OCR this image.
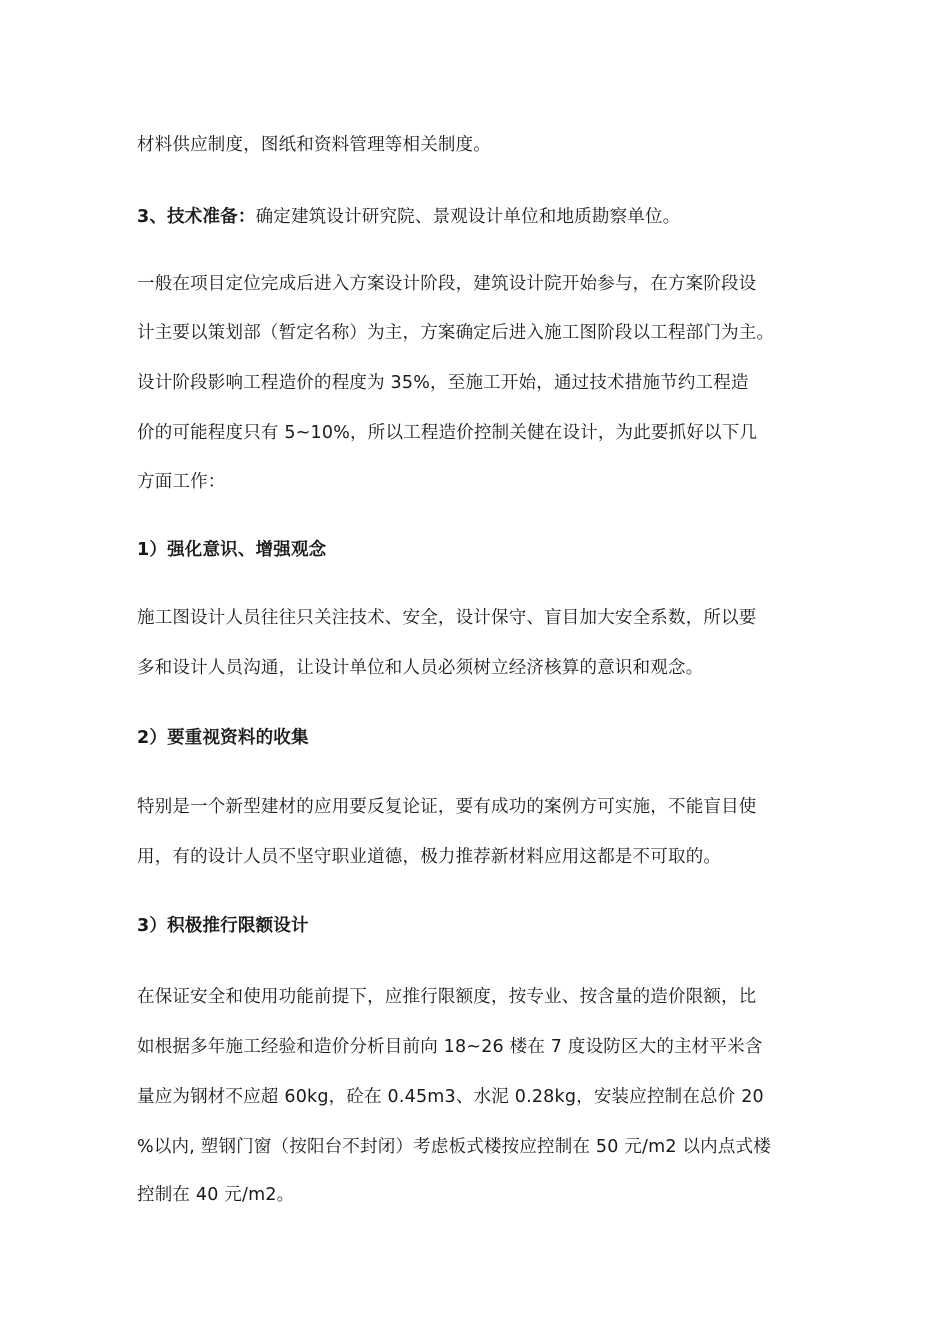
材料供应制度，图纸和资料管理等相关制度。
3、技术准备：确定建筑设计研究院、景观设计单位和地质勘察单位。
一般在项目定位完成后进入方案设计阶段，建筑设计院开始参与，在方案阶段设
计主要以策划部（暂定名称）为主，方案确定后进入施工图阶段以工程部门为主。
设计阶段影响工程造价的程度为 35%，至施工开始，通过技术措施节约工程造
价的可能程度只有 5~10%，所以工程造价控制关健在设计，为此要抓好以下几
方面工作：
1）强化意识、增强观念
施工图设计人员往往只关注技术、安全，设计保守、盲目加大安全系数，所以要
多和设计人员沟通，让设计单位和人员必须树立经济核算的意识和观念。
2）要重视资料的收集
特别是一个新型建材的应用要反复论证，要有成功的案例方可实施，不能盲目使
用，有的设计人员不坚守职业道德，极力推荐新材料应用这都是不可取的。
3）积极推行限额设计
在保证安全和使用功能前提下，应推行限额度，按专业、按含量的造价限额，比
如根据多年施工经验和造价分析目前向 18~26 楼在 7 度设防区大的主材平米含
量应为钢材不应超 60kg，砼在 0.45m3、水泥 0.28kg，安装应控制在总价 20
%以内, 塑钢门窗（按阳台不封闭）考虑板式楼按应控制在 50 元/m2 以内点式楼
控制在 40 元/m2。
